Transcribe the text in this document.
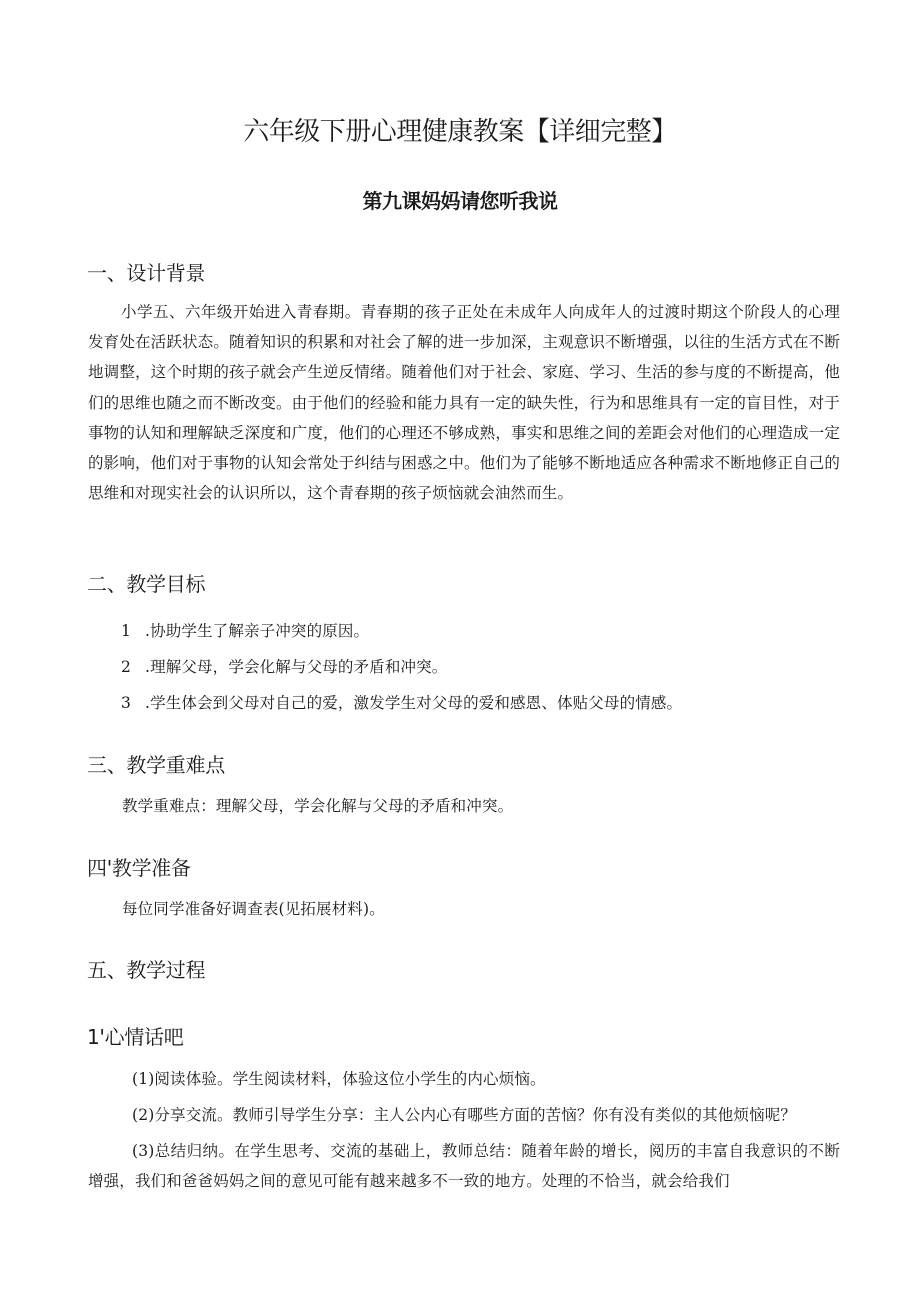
六年级下册心理健康教案【详细完整】
第九课妈妈请您听我说
一、设计背景
小学五、六年级开始进入青春期。青春期的孩子正处在未成年人向成年人的过渡时期这个阶段人的心理发育处在活跃状态。随着知识的积累和对社会了解的进一步加深，主观意识不断增强，以往的生活方式在不断地调整，这个时期的孩子就会产生逆反情绪。随着他们对于社会、家庭、学习、生活的参与度的不断提高，他们的思维也随之而不断改变。由于他们的经验和能力具有一定的缺失性，行为和思维具有一定的盲目性，对于事物的认知和理解缺乏深度和广度，他们的心理还不够成熟，事实和思维之间的差距会对他们的心理造成一定的影响，他们对于事物的认知会常处于纠结与困惑之中。他们为了能够不断地适应各种需求不断地修正自己的思维和对现实社会的认识所以，这个青春期的孩子烦恼就会油然而生。
二、教学目标
1 .协助学生了解亲子冲突的原因。
2 .理解父母，学会化解与父母的矛盾和冲突。
3 .学生体会到父母对自己的爱，激发学生对父母的爱和感恩、体贴父母的情感。
三、教学重难点
教学重难点：理解父母，学会化解与父母的矛盾和冲突。
四'教学准备
每位同学准备好调查表(见拓展材料)。
五、教学过程
1'心情话吧
(1)阅读体验。学生阅读材料，体验这位小学生的内心烦恼。
(2)分享交流。教师引导学生分享：主人公内心有哪些方面的苦恼？你有没有类似的其他烦恼呢？
(3)总结归纳。在学生思考、交流的基础上，教师总结：随着年龄的增长，阅历的丰富自我意识的不断增强，我们和爸爸妈妈之间的意见可能有越来越多不一致的地方。处理的不恰当，就会给我们
